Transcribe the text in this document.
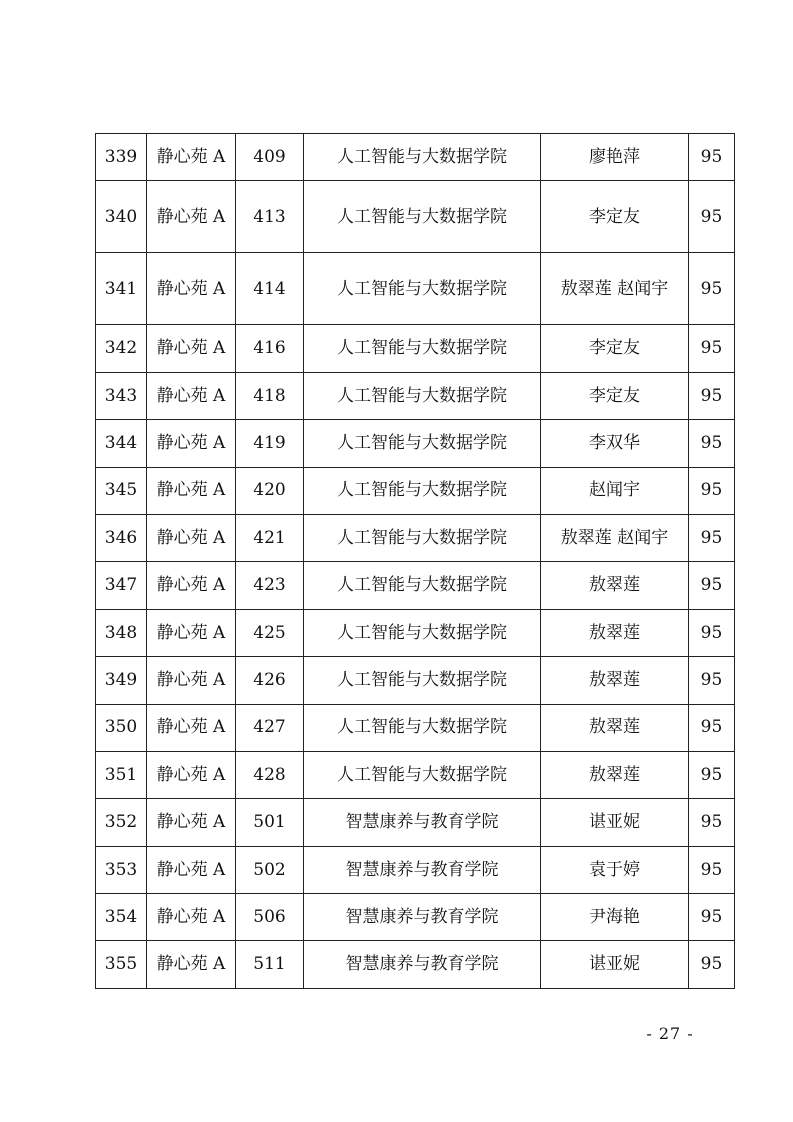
339	静心苑 A	409	人工智能与大数据学院	廖艳萍	95
340	静心苑 A	413	人工智能与大数据学院	李定友	95
341	静心苑 A	414	人工智能与大数据学院	敖翠莲 赵闻宇	95
342	静心苑 A	416	人工智能与大数据学院	李定友	95
343	静心苑 A	418	人工智能与大数据学院	李定友	95
344	静心苑 A	419	人工智能与大数据学院	李双华	95
345	静心苑 A	420	人工智能与大数据学院	赵闻宇	95
346	静心苑 A	421	人工智能与大数据学院	敖翠莲 赵闻宇	95
347	静心苑 A	423	人工智能与大数据学院	敖翠莲	95
348	静心苑 A	425	人工智能与大数据学院	敖翠莲	95
349	静心苑 A	426	人工智能与大数据学院	敖翠莲	95
350	静心苑 A	427	人工智能与大数据学院	敖翠莲	95
351	静心苑 A	428	人工智能与大数据学院	敖翠莲	95
352	静心苑 A	501	智慧康养与教育学院	谌亚妮	95
353	静心苑 A	502	智慧康养与教育学院	袁于婷	95
354	静心苑 A	506	智慧康养与教育学院	尹海艳	95
355	静心苑 A	511	智慧康养与教育学院	谌亚妮	95
- 27 -
